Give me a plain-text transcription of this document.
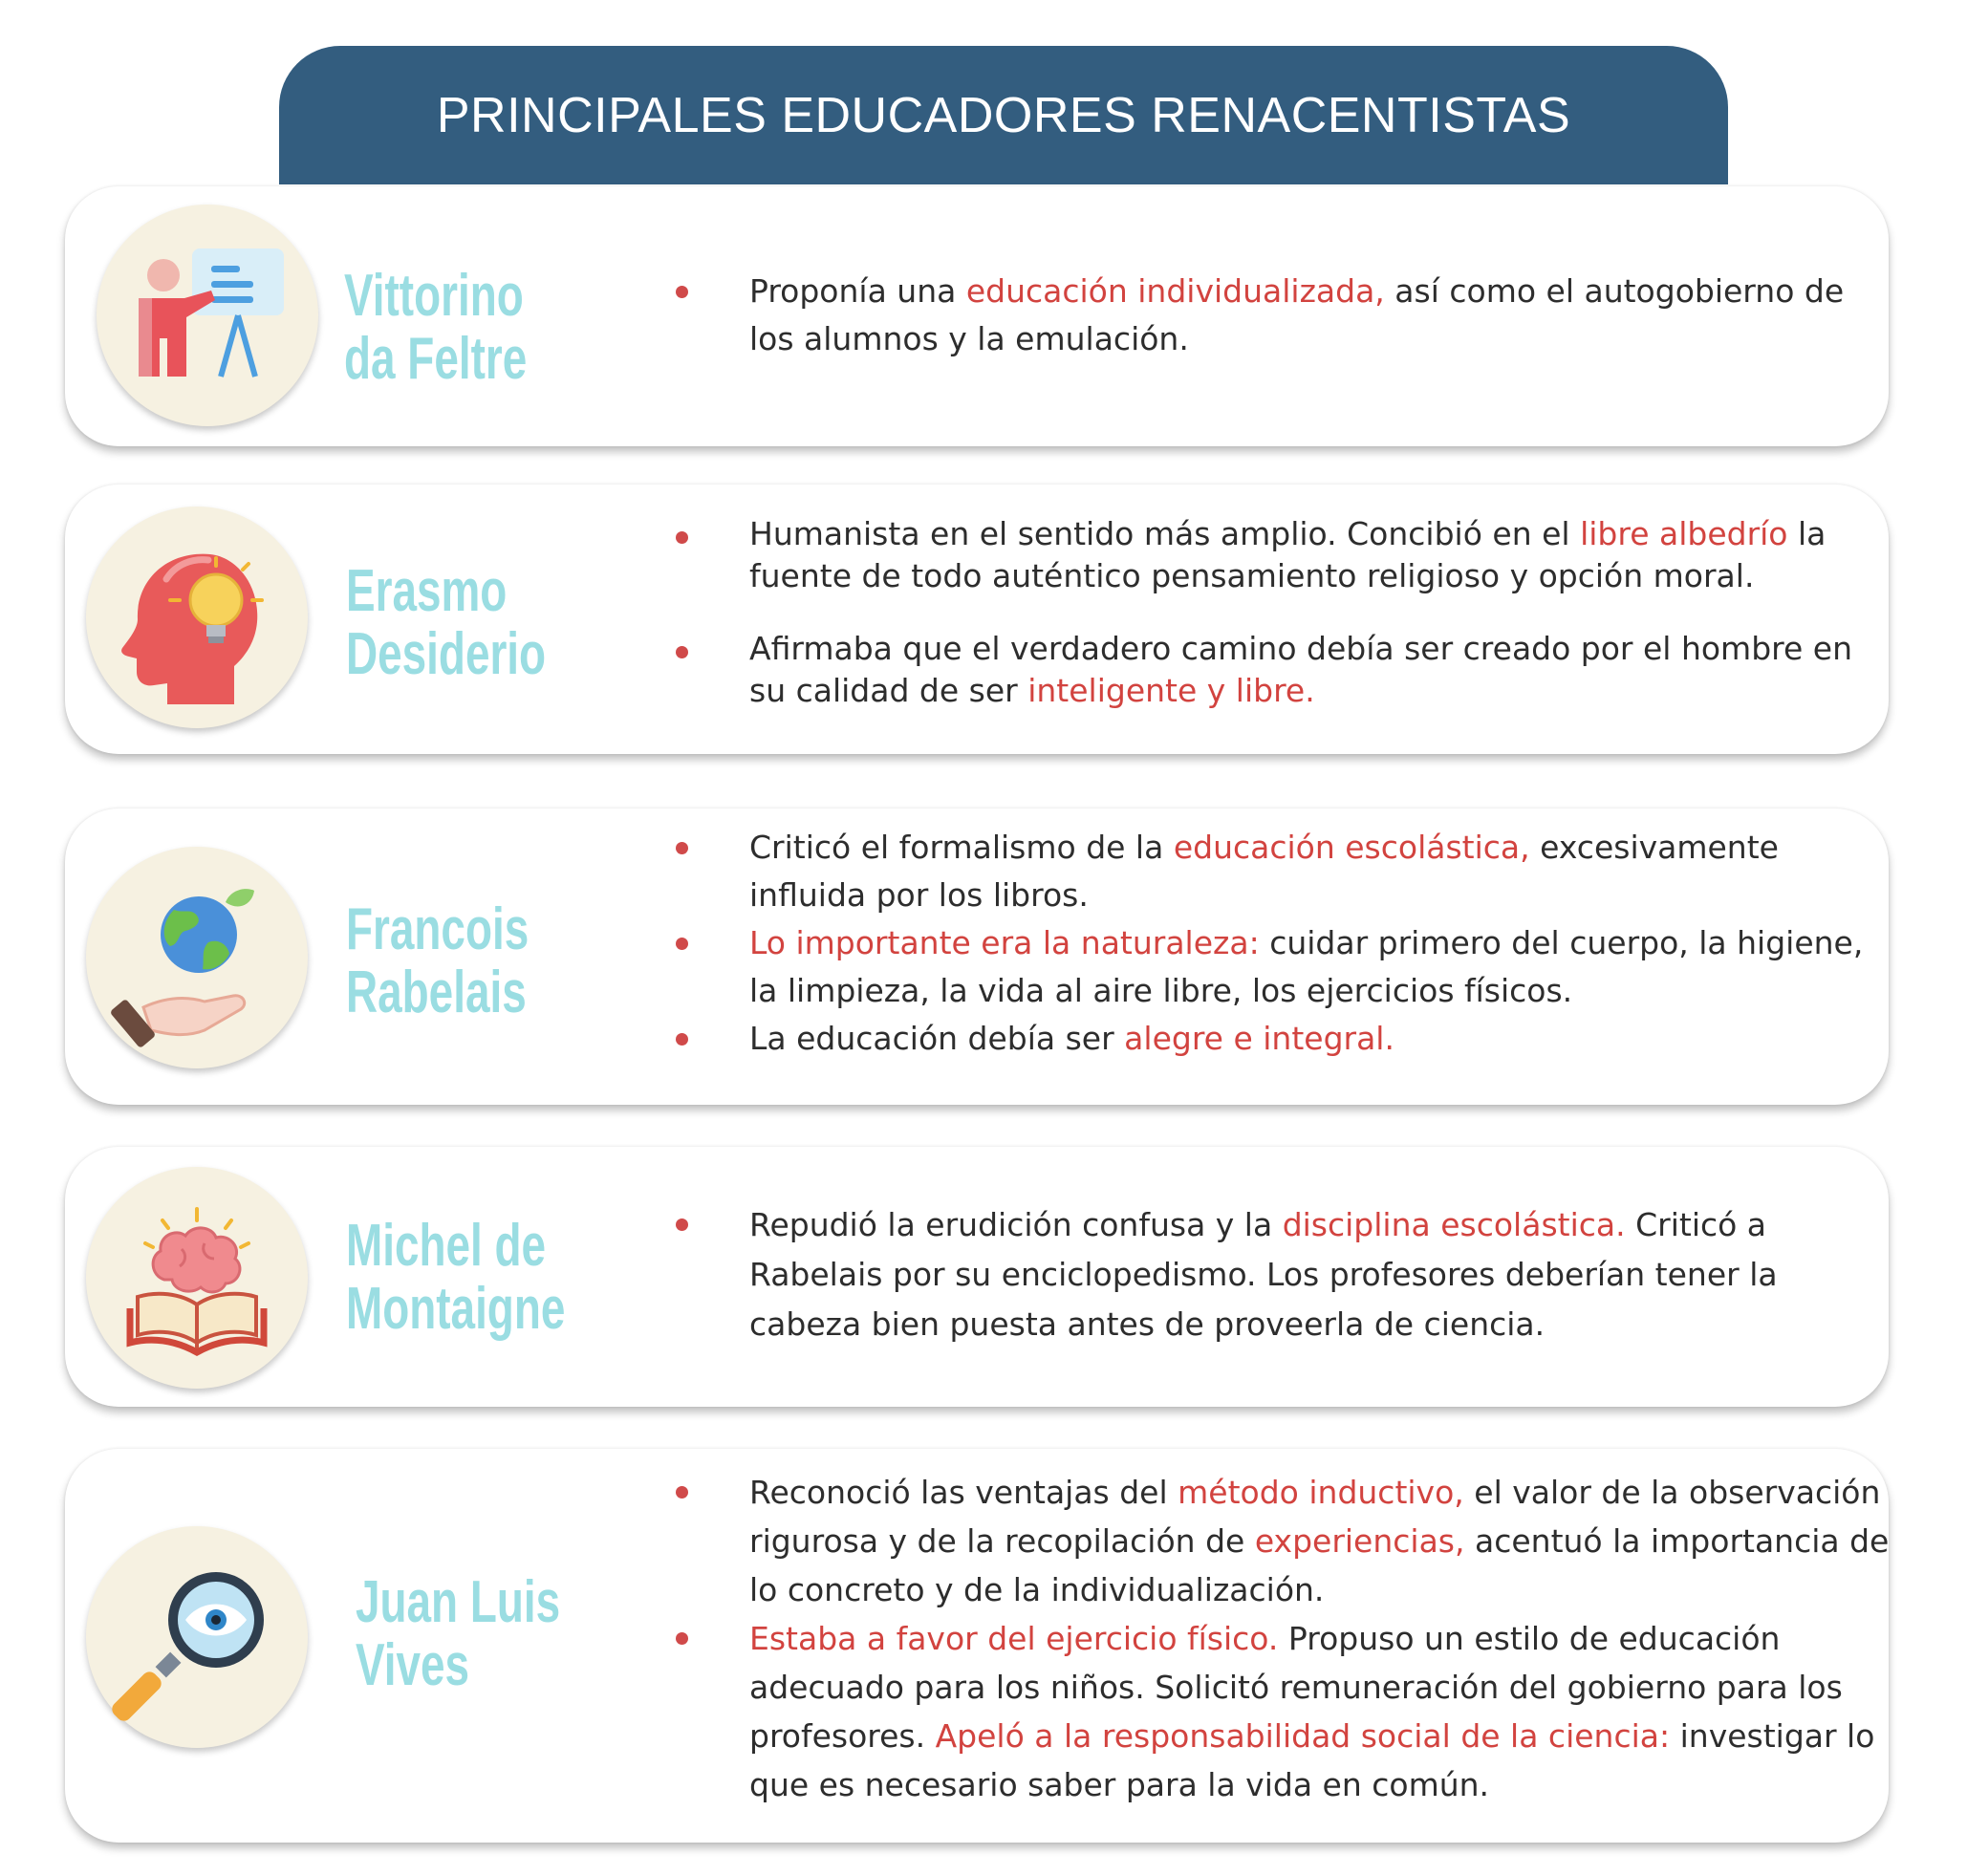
PRINCIPALES EDUCADORES RENACENTISTAS
Vittorino
da Feltre
Proponía una educación individualizada, así como el autogobierno de los alumnos y la emulación.
Erasmo
Desiderio
Humanista en el sentido más amplio. Concibió en el libre albedrío la fuente de todo auténtico pensamiento religioso y opción moral.
Afirmaba que el verdadero camino debía ser creado por el hombre en su calidad de ser inteligente y libre.
Francois
Rabelais
Criticó el formalismo de la educación escolástica, excesivamente influida por los libros.
Lo importante era la naturaleza: cuidar primero del cuerpo, la higiene, la limpieza, la vida al aire libre, los ejercicios físicos.
La educación debía ser alegre e integral.
Michel de
Montaigne
Repudió la erudición confusa y la disciplina escolástica. Criticó a Rabelais por su enciclopedismo. Los profesores deberían tener la cabeza bien puesta antes de proveerla de ciencia.
Juan Luis
Vives
Reconoció las ventajas del método inductivo, el valor de la observación rigurosa y de la recopilación de experiencias, acentuó la importancia de lo concreto y de la individualización.
Estaba a favor del ejercicio físico. Propuso un estilo de educación adecuado para los niños. Solicitó remuneración del gobierno para los profesores. Apeló a la responsabilidad social de la ciencia: investigar lo que es necesario saber para la vida en común.
